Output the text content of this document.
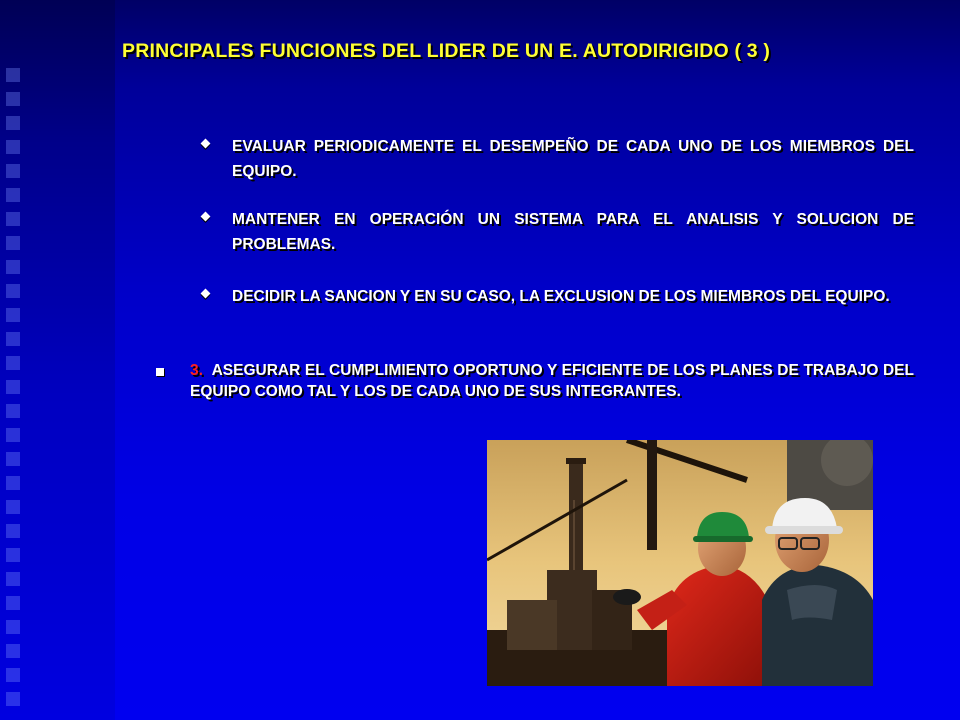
PRINCIPALES FUNCIONES DEL LIDER DE UN E. AUTODIRIGIDO ( 3 )
EVALUAR PERIODICAMENTE EL DESEMPEÑO DE CADA UNO DE LOS MIEMBROS DEL EQUIPO.
MANTENER EN OPERACIÓN UN SISTEMA PARA EL ANALISIS Y SOLUCION DE PROBLEMAS.
DECIDIR LA SANCION Y EN SU CASO, LA EXCLUSION DE LOS MIEMBROS DEL EQUIPO.
3. ASEGURAR EL CUMPLIMIENTO OPORTUNO Y EFICIENTE DE LOS PLANES DE TRABAJO DEL EQUIPO COMO TAL Y LOS DE CADA UNO DE SUS INTEGRANTES.
